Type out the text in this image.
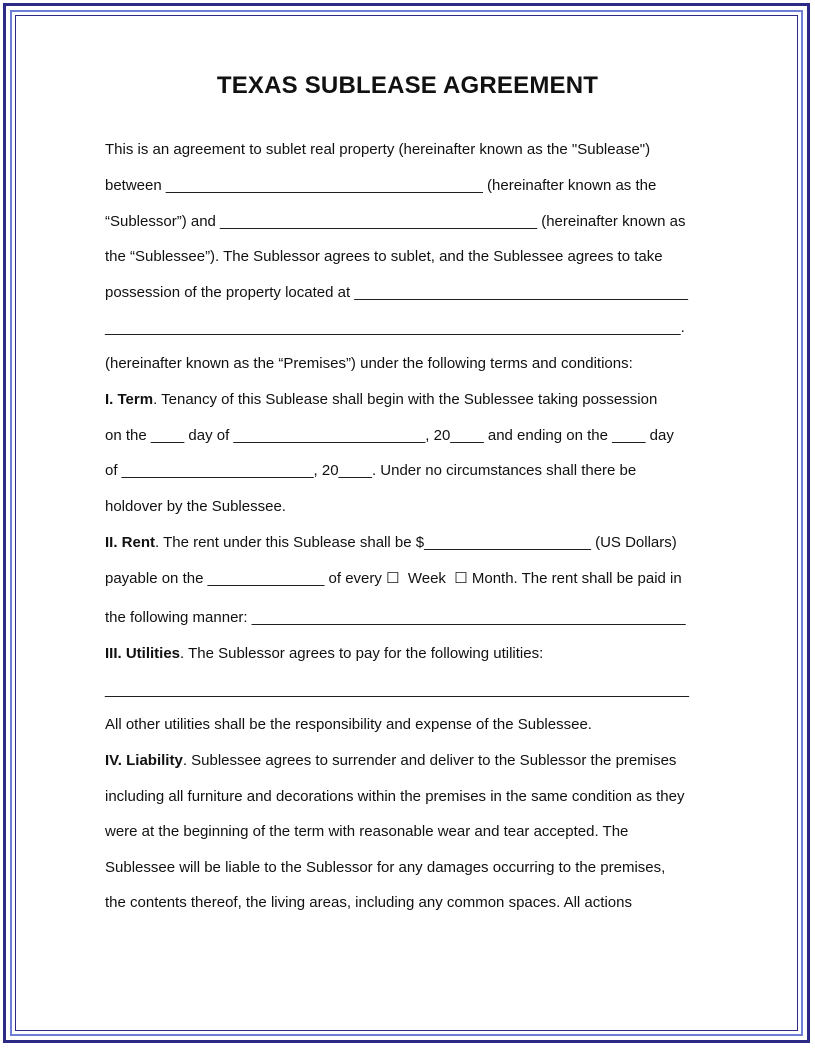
TEXAS SUBLEASE AGREEMENT
This is an agreement to sublet real property (hereinafter known as the "Sublease")
between ______________________________________ (hereinafter known as the
“Sublessor”) and ______________________________________ (hereinafter known as
the “Sublessee”). The Sublessor agrees to sublet, and the Sublessee agrees to take
possession of the property located at ________________________________________
_____________________________________________________________________.
(hereinafter known as the “Premises”) under the following terms and conditions:
I. Term. Tenancy of this Sublease shall begin with the Sublessee taking possession
on the ____ day of _______________________, 20____ and ending on the ____ day
of _______________________, 20____. Under no circumstances shall there be
holdover by the Sublessee.
II. Rent. The rent under this Sublease shall be $____________________ (US Dollars)
payable on the ______________ of every ☐  Week  ☐ Month. The rent shall be paid in
the following manner: ____________________________________________________
III. Utilities. The Sublessor agrees to pay for the following utilities:
______________________________________________________________________
All other utilities shall be the responsibility and expense of the Sublessee.
IV. Liability. Sublessee agrees to surrender and deliver to the Sublessor the premises
including all furniture and decorations within the premises in the same condition as they
were at the beginning of the term with reasonable wear and tear accepted. The
Sublessee will be liable to the Sublessor for any damages occurring to the premises,
the contents thereof, the living areas, including any common spaces. All actions
